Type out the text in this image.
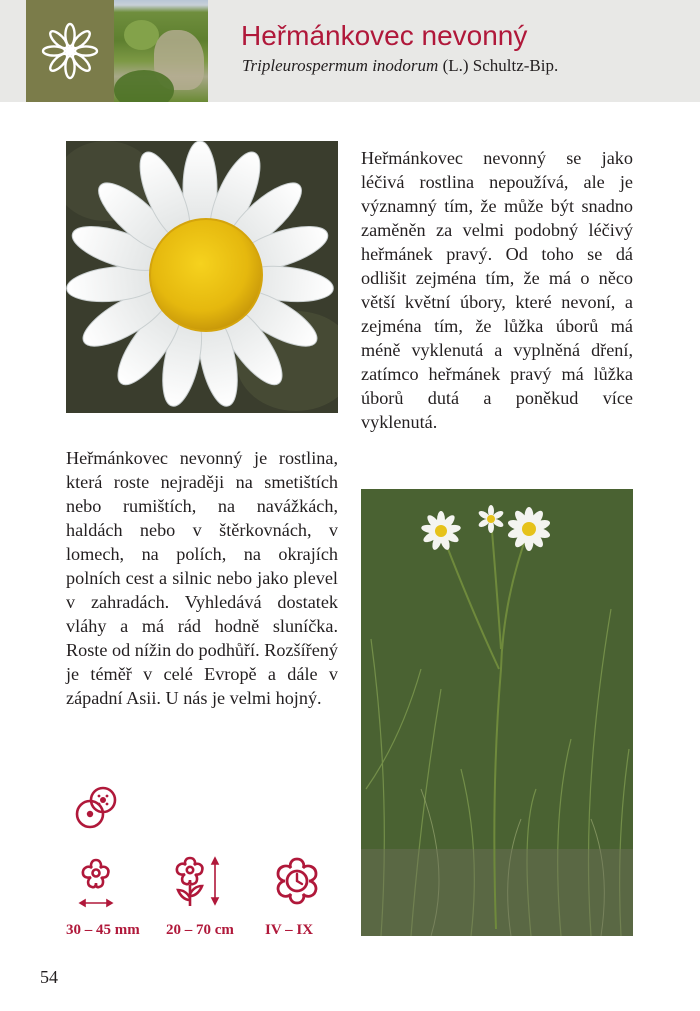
Heřmánkovec nevonný

Tripleurospermum inodorum (L.) Schultz-Bip.

Heřmánkovec nevonný se jako léčivá rostlina nepoužívá, ale je významný tím, že může být snadno zaměněn za velmi podobný léčivý heřmánek pravý. Od toho se dá odlišit zejména tím, že má o něco větší květní úbory, které nevoní, a zejména tím, že lůžka úborů má méně vyklenutá a vyplněná dření, zatímco heřmánek pravý má lůžka úborů dutá a poněkud více vyklenutá.

Heřmánkovec nevonný je rostlina, která roste nejraději na smetištích nebo rumištích, na navážkách, haldách nebo v štěrkovnách, v lomech, na polích, na okrajích polních cest a silnic nebo jako plevel v zahradách. Vyhledává dostatek vláhy a má rád hodně sluníčka. Roste od nížin do podhůří. Rozšířený je téměř v celé Evropě a dále v západní Asii. U nás je velmi hojný.

30 – 45 mm 20 – 70 cm IV – IX

54
